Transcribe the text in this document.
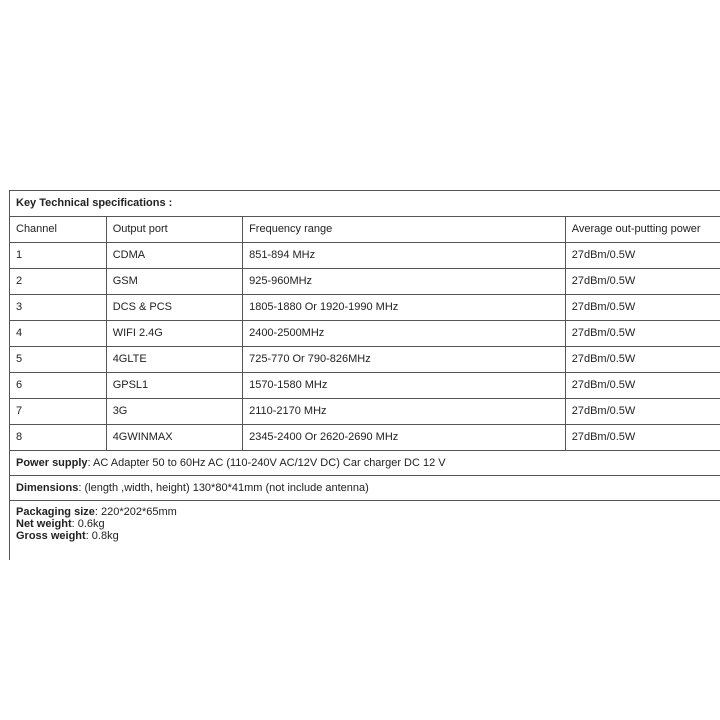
Key Technical specifications :			
Channel	Output port	Frequency range	Average out-putting power
1	CDMA	851-894 MHz	27dBm/0.5W
2	GSM	925-960MHz	27dBm/0.5W
3	DCS & PCS	1805-1880 Or 1920-1990 MHz	27dBm/0.5W
4	WIFI 2.4G	2400-2500MHz	27dBm/0.5W
5	4GLTE	725-770 Or 790-826MHz	27dBm/0.5W
6	GPSL1	1570-1580 MHz	27dBm/0.5W
7	3G	2110-2170 MHz	27dBm/0.5W
8	4GWINMAX	2345-2400 Or 2620-2690 MHz	27dBm/0.5W
Power supply: AC Adapter 50 to 60Hz AC (110-240V AC/12V DC) Car charger DC 12 V			
Dimensions: (length ,width, height) 130*80*41mm (not include antenna)			

Packaging size: 220*202*65mm
Net weight: 0.6kg
Gross weight: 0.8kg			
